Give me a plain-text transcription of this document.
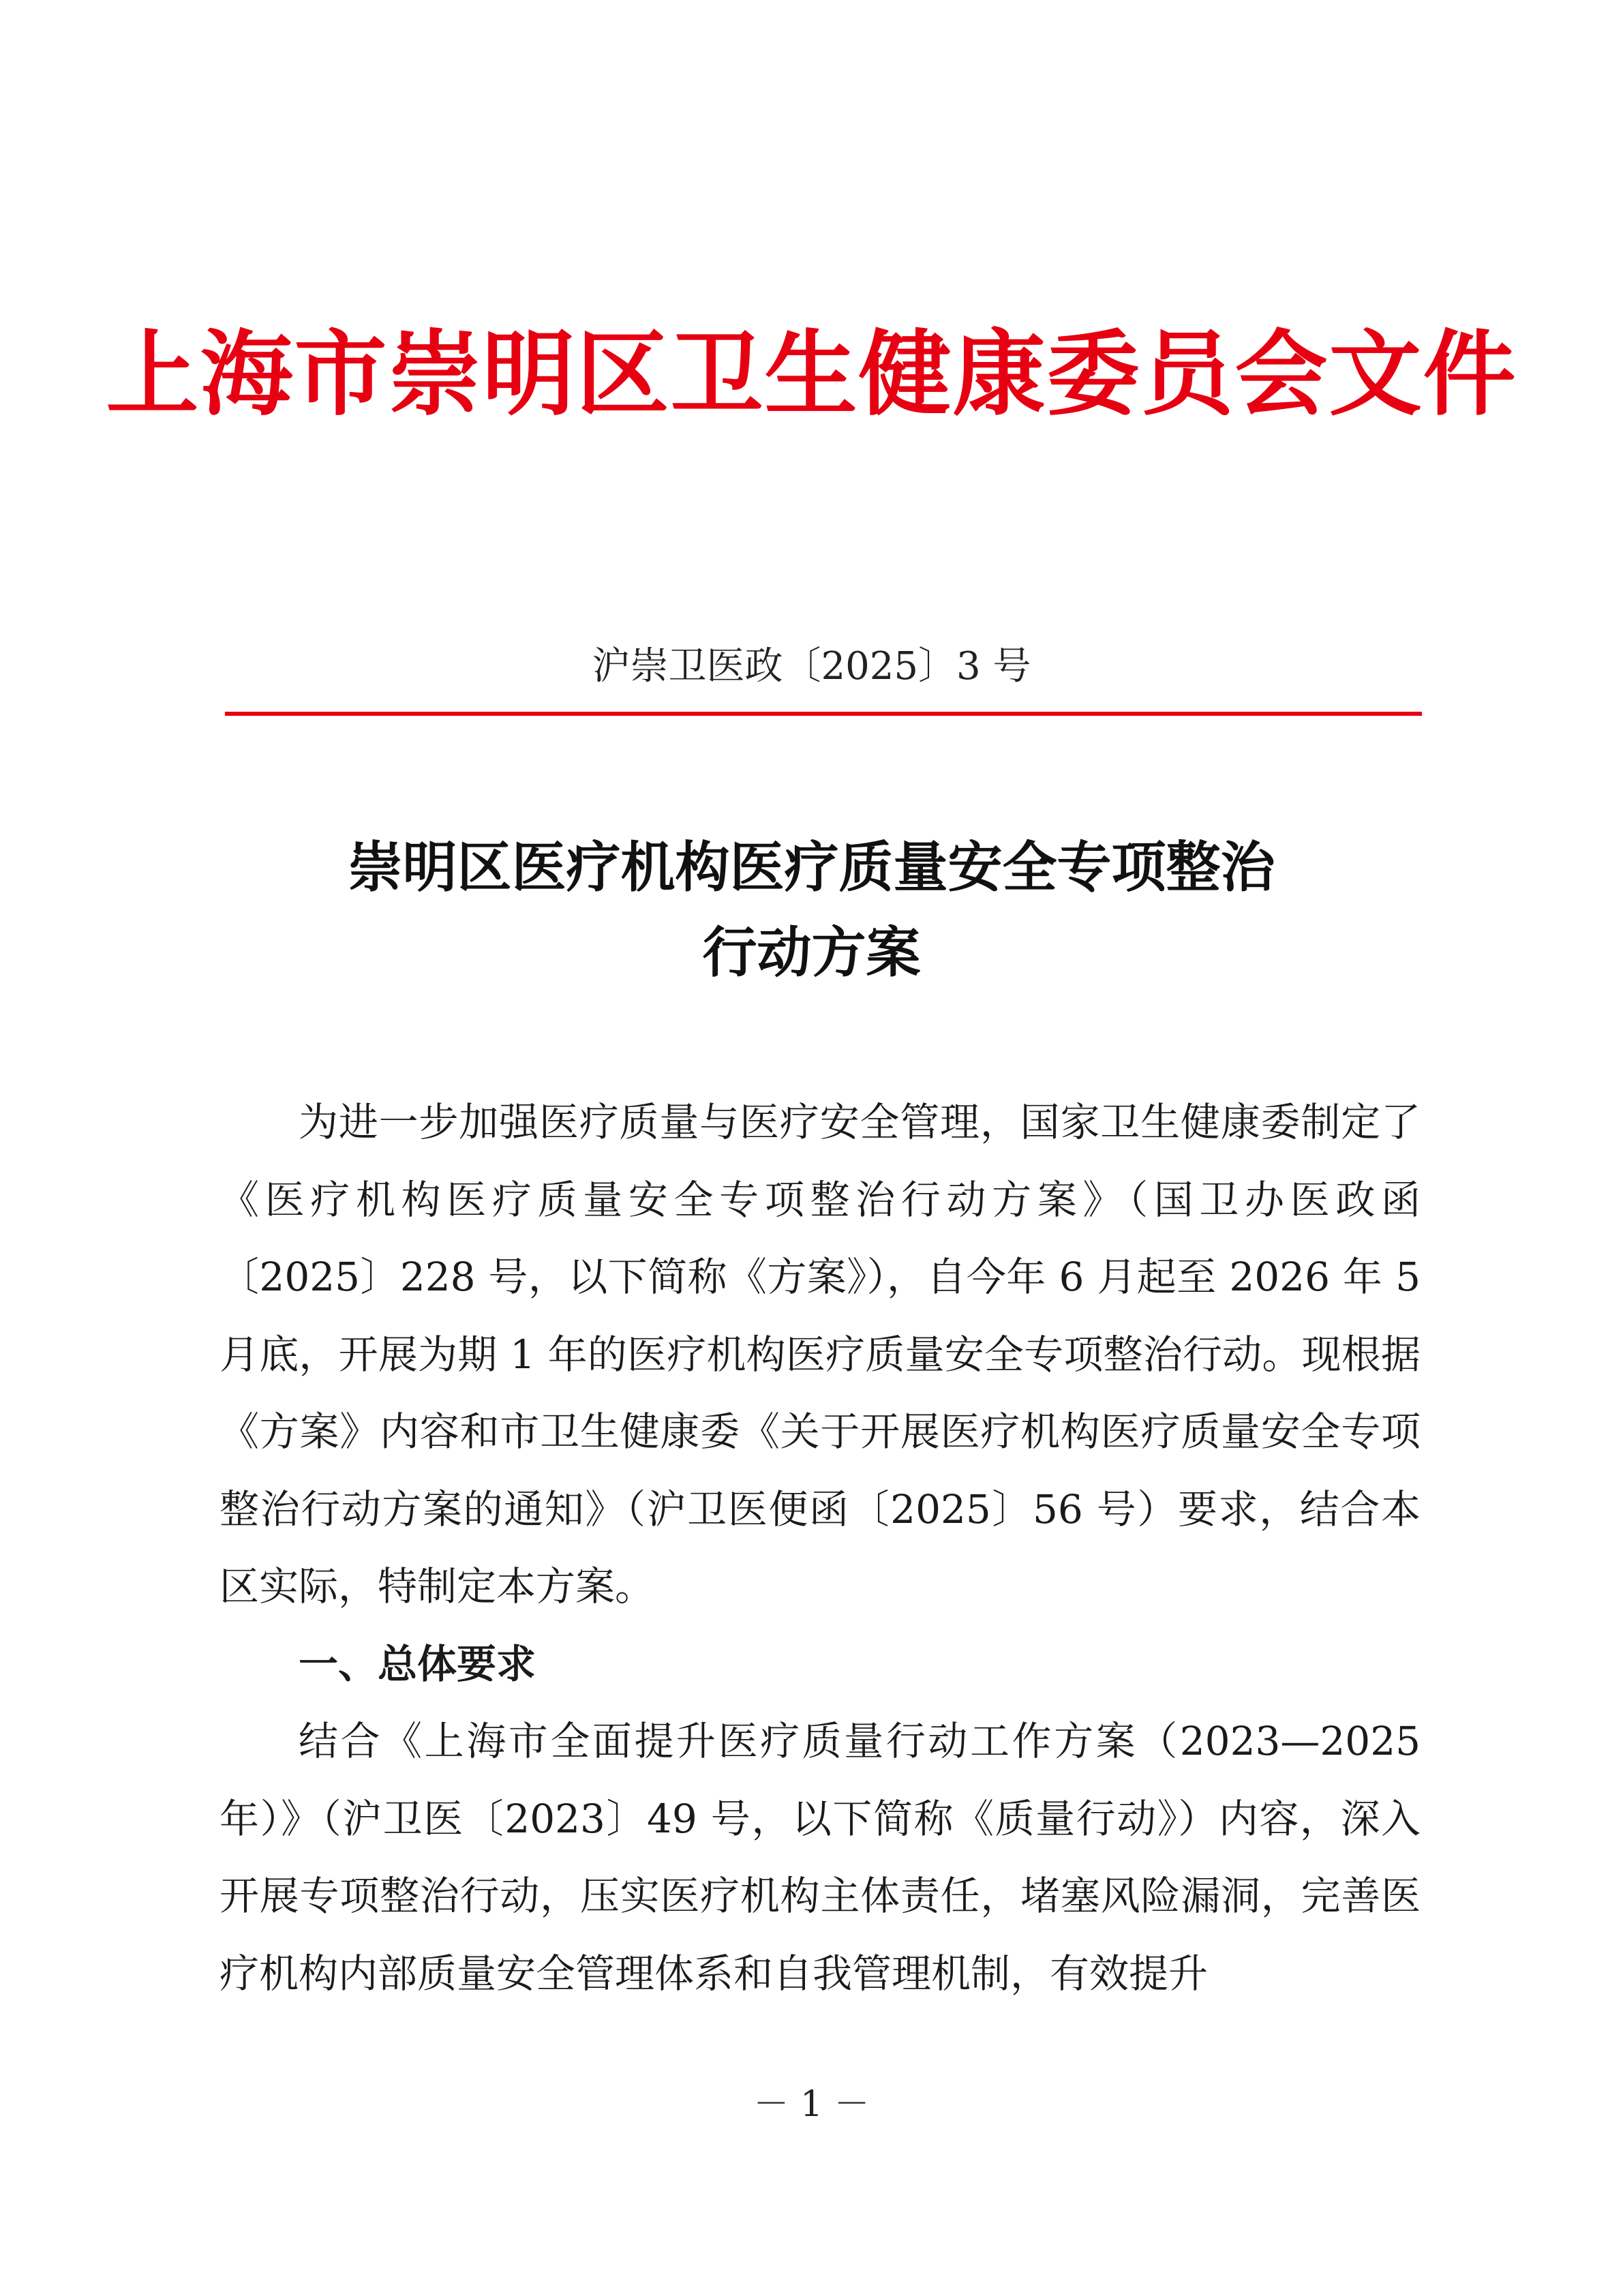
上海市崇明区卫生健康委员会文件
沪崇卫医政〔2025〕3 号
崇明区医疗机构医疗质量安全专项整治
行动方案

为进一步加强医疗质量与医疗安全管理，国家卫生健康委制定了《医疗机构医疗质量安全专项整治行动方案》（国卫办医政函〔2025〕228 号，以下简称《方案》），自今年 6 月起至 2026 年 5 月底，开展为期 1 年的医疗机构医疗质量安全专项整治行动。现根据《方案》内容和市卫生健康委《关于开展医疗机构医疗质量安全专项整治行动方案的通知》（沪卫医便函〔2025〕56 号）要求，结合本区实际，特制定本方案。

一、总体要求

结合《上海市全面提升医疗质量行动工作方案（2023—2025 年）》（沪卫医〔2023〕49 号，以下简称《质量行动》）内容，深入开展专项整治行动，压实医疗机构主体责任，堵塞风险漏洞，完善医疗机构内部质量安全管理体系和自我管理机制，有效提升

－ 1 －
